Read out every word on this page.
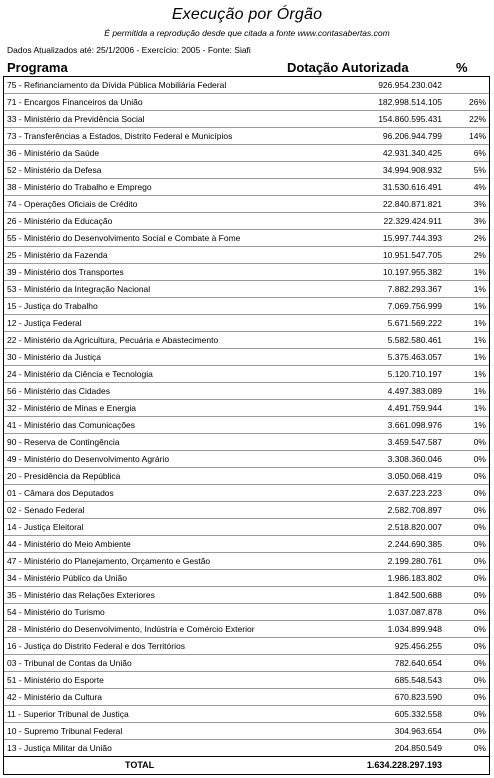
Execução por Órgão
É permitida a reprodução desde que citada a fonte www.contasabertas.com
Dados Atualizados até: 25/1/2006 - Exercício: 2005 - Fonte: Siafi
Programa	Dotação Autorizada	%
75 - Refinanciamento da Dívida Pública Mobiliária Federal	926.954.230.042
71 - Encargos Financeiros da União	182.998.514.105	26%
33 - Ministério da Previdência Social	154.860.595.431	22%
73 - Transferências a Estados, Distrito Federal e Municípios	96.206.944.799	14%
36 - Ministério da Saúde	42.931.340.425	6%
52 - Ministério da Defesa	34.994.908.932	5%
38 - Ministério do Trabalho e Emprego	31.530.616.491	4%
74 - Operações Oficiais de Crédito	22.840.871.821	3%
26 - Ministério da Educação	22.329.424.911	3%
55 - Ministério do Desenvolvimento Social e Combate à Fome	15.997.744.393	2%
25 - Ministério da Fazenda	10.951.547.705	2%
39 - Ministério dos Transportes	10.197.955.382	1%
53 - Ministério da Integração Nacional	7.882.293.367	1%
15 - Justiça do Trabalho	7.069.756.999	1%
12 - Justiça Federal	5.671.569.222	1%
22 - Ministério da Agricultura, Pecuária e Abastecimento	5.582.580.461	1%
30 - Ministério da Justiça	5.375.463.057	1%
24 - Ministério da Ciência e Tecnologia	5.120.710.197	1%
56 - Ministério das Cidades	4.497.383.089	1%
32 - Ministério de Minas e Energia	4.491.759.944	1%
41 - Ministério das Comunicações	3.661.098.976	1%
90 - Reserva de Contingência	3.459.547.587	0%
49 - Ministério do Desenvolvimento Agrário	3.308.360.046	0%
20 - Presidência da República	3.050.068.419	0%
01 - Câmara dos Deputados	2.637.223.223	0%
02 - Senado Federal	2.582.708.897	0%
14 - Justiça Eleitoral	2.518.820.007	0%
44 - Ministério do Meio Ambiente	2.244.690.385	0%
47 - Ministério do Planejamento, Orçamento e Gestão	2.199.280.761	0%
34 - Ministério Público da União	1.986.183.802	0%
35 - Ministério das Relações Exteriores	1.842.500.688	0%
54 - Ministério do Turismo	1.037.087.878	0%
28 - Ministério do Desenvolvimento, Indústria e Comércio Exterior	1.034.899.948	0%
16 - Justiça do Distrito Federal e dos Territórios	925.456.255	0%
03 - Tribunal de Contas da União	782.640.654	0%
51 - Ministério do Esporte	685.548.543	0%
42 - Ministério da Cultura	670.823.590	0%
11 - Superior Tribunal de Justiça	605.332.558	0%
10 - Supremo Tribunal Federal	304.963.654	0%
13 - Justiça Militar da União	204.850.549	0%
TOTAL	1.634.228.297.193
